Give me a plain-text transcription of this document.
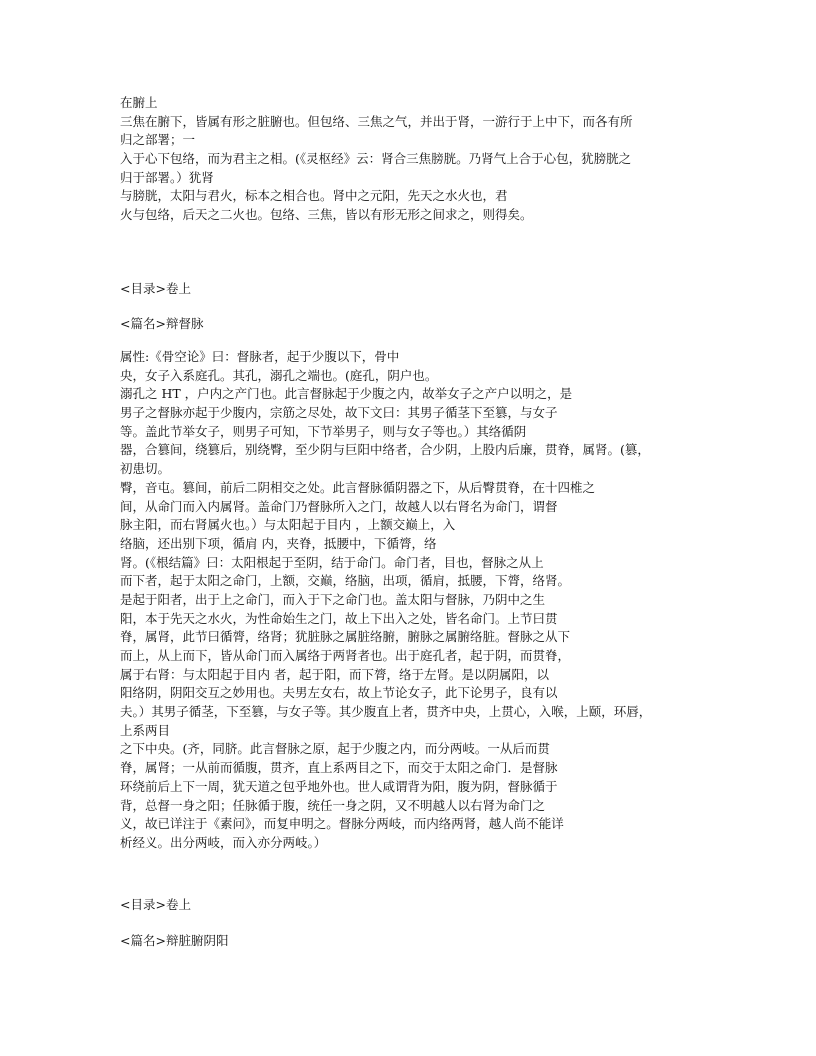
在腑上
三焦在腑下，皆属有形之脏腑也。但包络、三焦之气，并出于肾，一游行于上中下，而各有所
归之部署；一
入于心下包络，而为君主之相。(《灵枢经》云：肾合三焦膀胱。乃肾气上合于心包，犹膀胱之
归于部署。）犹肾
与膀胱，太阳与君火，标本之相合也。肾中之元阳，先天之水火也，君
火与包络，后天之二火也。包络、三焦，皆以有形无形之间求之，则得矣。
<目录>卷上
<篇名>辩督脉
属性:《骨空论》曰：督脉者，起于少腹以下，骨中
央，女子入系庭孔。其孔，溺孔之端也。(庭孔，阴户也。
溺孔之 HT ，户内之产门也。此言督脉起于少腹之内，故举女子之产户以明之，是
男子之督脉亦起于少腹内，宗筋之尽处，故下文曰：其男子循茎下至篡，与女子
等。盖此节举女子，则男子可知，下节举男子，则与女子等也。）其络循阴
器，合篡间，绕篡后，别绕臀，至少阴与巨阳中络者，合少阴，上股内后廉，贯脊，属肾。(篡，
初患切。
臀，音屯。篡间，前后二阴相交之处。此言督脉循阴器之下，从后臀贯脊，在十四椎之
间，从命门而入内属肾。盖命门乃督脉所入之门，故越人以右肾名为命门，谓督
脉主阳，而右肾属火也。）与太阳起于目内 ，上额交巅上，入
络脑，还出别下项，循肩 内，夹脊，抵腰中，下循膂，络
肾。(《根结篇》曰：太阳根起于至阴，结于命门。命门者，目也，督脉之从上
而下者，起于太阳之命门，上额，交巅，络脑，出项，循肩，抵腰，下膂，络肾。
是起于阳者，出于上之命门，而入于下之命门也。盖太阳与督脉，乃阴中之生
阳，本于先天之水火，为性命始生之门，故上下出入之处，皆名命门。上节曰贯
脊，属肾，此节曰循膂，络肾；犹脏脉之属脏络腑，腑脉之属腑络脏。督脉之从下
而上，从上而下，皆从命门而入属络于两肾者也。出于庭孔者，起于阴，而贯脊，
属于右肾：与太阳起于目内 者，起于阳，而下膂，络于左肾。是以阴属阳，以
阳络阴，阴阳交互之妙用也。夫男左女右，故上节论女子，此下论男子，良有以
夫。）其男子循茎，下至篡，与女子等。其少腹直上者，贯齐中央，上贯心，入喉，上颐，环唇，
上系两目
之下中央。(齐，同脐。此言督脉之原，起于少腹之内，而分两岐。一从后而贯
脊，属肾；一从前而循腹，贯齐，直上系两目之下，而交于太阳之命门．是督脉
环绕前后上下一周，犹天道之包乎地外也。世人咸谓背为阳，腹为阴，督脉循于
背，总督一身之阳；任脉循于腹，统任一身之阴，又不明越人以右肾为命门之
义，故已详注于《素问》，而复申明之。督脉分两岐，而内络两肾，越人尚不能详
析经义。出分两岐，而入亦分两岐。）
<目录>卷上
<篇名>辩脏腑阴阳
